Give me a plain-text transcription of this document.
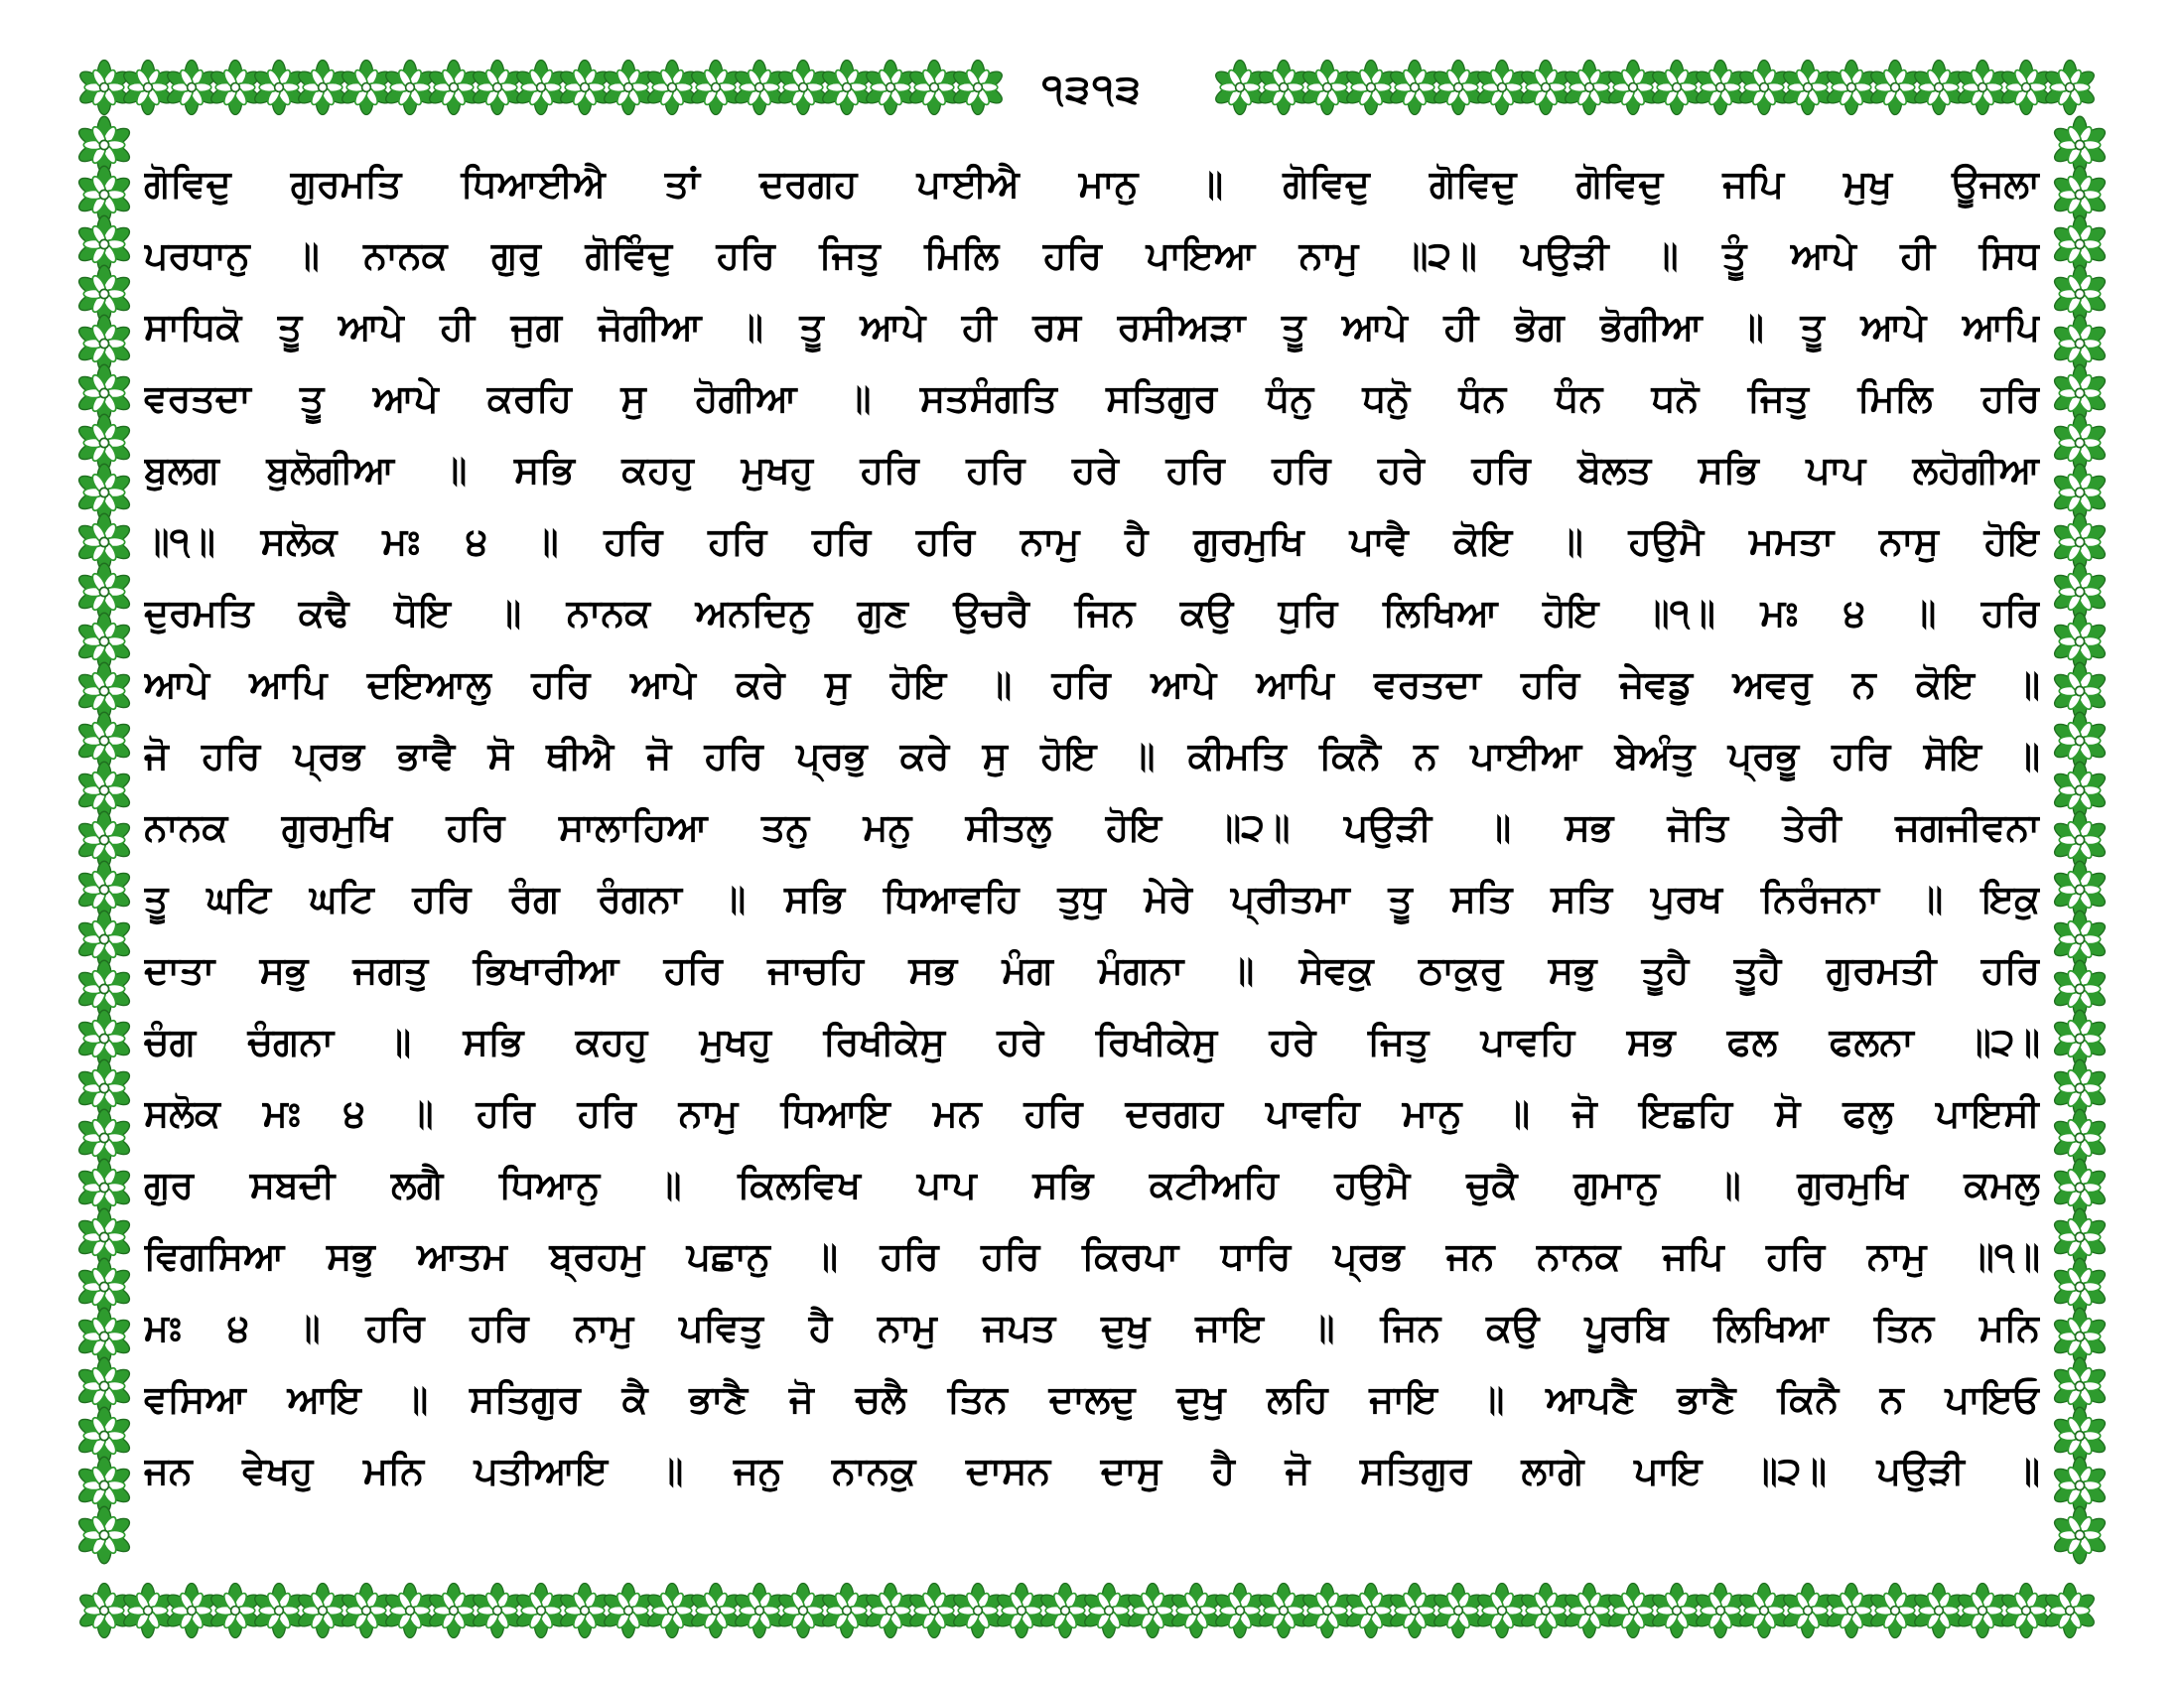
੧੩੧੩
ਗੋਵਿਦੁ ਗੁਰਮਤਿ ਧਿਆਈਐ ਤਾਂ ਦਰਗਹ ਪਾਈਐ ਮਾਨੁ ॥ ਗੋਵਿਦੁ ਗੋਵਿਦੁ ਗੋਵਿਦੁ ਜਪਿ ਮੁਖੁ ਊਜਲਾ
ਪਰਧਾਨੁ ॥ ਨਾਨਕ ਗੁਰੁ ਗੋਵਿੰਦੁ ਹਰਿ ਜਿਤੁ ਮਿਲਿ ਹਰਿ ਪਾਇਆ ਨਾਮੁ ॥੨॥ ਪਉੜੀ ॥ ਤੂੰ ਆਪੇ ਹੀ ਸਿਧ
ਸਾਧਿਕੋ ਤੂ ਆਪੇ ਹੀ ਜੁਗ ਜੋਗੀਆ ॥ ਤੂ ਆਪੇ ਹੀ ਰਸ ਰਸੀਅੜਾ ਤੂ ਆਪੇ ਹੀ ਭੋਗ ਭੋਗੀਆ ॥ ਤੂ ਆਪੇ ਆਪਿ
ਵਰਤਦਾ ਤੂ ਆਪੇ ਕਰਹਿ ਸੁ ਹੋਗੀਆ ॥ ਸਤਸੰਗਤਿ ਸਤਿਗੁਰ ਧੰਨੁ ਧਨੋੁ ਧੰਨ ਧੰਨ ਧਨੋ ਜਿਤੁ ਮਿਲਿ ਹਰਿ
ਬੁਲਗ ਬੁਲੋਗੀਆ ॥ ਸਭਿ ਕਹਹੁ ਮੁਖਹੁ ਹਰਿ ਹਰਿ ਹਰੇ ਹਰਿ ਹਰਿ ਹਰੇ ਹਰਿ ਬੋਲਤ ਸਭਿ ਪਾਪ ਲਹੋਗੀਆ
॥੧॥ ਸਲੋਕ ਮਃ ੪ ॥ ਹਰਿ ਹਰਿ ਹਰਿ ਹਰਿ ਨਾਮੁ ਹੈ ਗੁਰਮੁਖਿ ਪਾਵੈ ਕੋਇ ॥ ਹਉਮੈ ਮਮਤਾ ਨਾਸੁ ਹੋਇ
ਦੁਰਮਤਿ ਕਢੈ ਧੋਇ ॥ ਨਾਨਕ ਅਨਦਿਨੁ ਗੁਣ ਉਚਰੈ ਜਿਨ ਕਉ ਧੁਰਿ ਲਿਖਿਆ ਹੋਇ ॥੧॥ ਮਃ ੪ ॥ ਹਰਿ
ਆਪੇ ਆਪਿ ਦਇਆਲੁ ਹਰਿ ਆਪੇ ਕਰੇ ਸੁ ਹੋਇ ॥ ਹਰਿ ਆਪੇ ਆਪਿ ਵਰਤਦਾ ਹਰਿ ਜੇਵਡੁ ਅਵਰੁ ਨ ਕੋਇ ॥
ਜੋ ਹਰਿ ਪ੍ਰਭ ਭਾਵੈ ਸੋ ਥੀਐ ਜੋ ਹਰਿ ਪ੍ਰਭੁ ਕਰੇ ਸੁ ਹੋਇ ॥ ਕੀਮਤਿ ਕਿਨੈ ਨ ਪਾਈਆ ਬੇਅੰਤੁ ਪ੍ਰਭੂ ਹਰਿ ਸੋਇ ॥
ਨਾਨਕ ਗੁਰਮੁਖਿ ਹਰਿ ਸਾਲਾਹਿਆ ਤਨੁ ਮਨੁ ਸੀਤਲੁ ਹੋਇ ॥੨॥ ਪਉੜੀ ॥ ਸਭ ਜੋਤਿ ਤੇਰੀ ਜਗਜੀਵਨਾ
ਤੂ ਘਟਿ ਘਟਿ ਹਰਿ ਰੰਗ ਰੰਗਨਾ ॥ ਸਭਿ ਧਿਆਵਹਿ ਤੁਧੁ ਮੇਰੇ ਪ੍ਰੀਤਮਾ ਤੂ ਸਤਿ ਸਤਿ ਪੁਰਖ ਨਿਰੰਜਨਾ ॥ ਇਕੁ
ਦਾਤਾ ਸਭੁ ਜਗਤੁ ਭਿਖਾਰੀਆ ਹਰਿ ਜਾਚਹਿ ਸਭ ਮੰਗ ਮੰਗਨਾ ॥ ਸੇਵਕੁ ਠਾਕੁਰੁ ਸਭੁ ਤੂਹੈ ਤੂਹੈ ਗੁਰਮਤੀ ਹਰਿ
ਚੰਗ ਚੰਗਨਾ ॥ ਸਭਿ ਕਹਹੁ ਮੁਖਹੁ ਰਿਖੀਕੇਸੁ ਹਰੇ ਰਿਖੀਕੇਸੁ ਹਰੇ ਜਿਤੁ ਪਾਵਹਿ ਸਭ ਫਲ ਫਲਨਾ ॥੨॥
ਸਲੋਕ ਮਃ ੪ ॥ ਹਰਿ ਹਰਿ ਨਾਮੁ ਧਿਆਇ ਮਨ ਹਰਿ ਦਰਗਹ ਪਾਵਹਿ ਮਾਨੁ ॥ ਜੋ ਇਛਹਿ ਸੋ ਫਲੁ ਪਾਇਸੀ
ਗੁਰ ਸਬਦੀ ਲਗੈ ਧਿਆਨੁ ॥ ਕਿਲਵਿਖ ਪਾਪ ਸਭਿ ਕਟੀਅਹਿ ਹਉਮੈ ਚੁਕੈ ਗੁਮਾਨੁ ॥ ਗੁਰਮੁਖਿ ਕਮਲੁ
ਵਿਗਸਿਆ ਸਭੁ ਆਤਮ ਬ੍ਰਹਮੁ ਪਛਾਨੁ ॥ ਹਰਿ ਹਰਿ ਕਿਰਪਾ ਧਾਰਿ ਪ੍ਰਭ ਜਨ ਨਾਨਕ ਜਪਿ ਹਰਿ ਨਾਮੁ ॥੧॥
ਮਃ ੪ ॥ ਹਰਿ ਹਰਿ ਨਾਮੁ ਪਵਿਤੁ ਹੈ ਨਾਮੁ ਜਪਤ ਦੁਖੁ ਜਾਇ ॥ ਜਿਨ ਕਉ ਪੂਰਬਿ ਲਿਖਿਆ ਤਿਨ ਮਨਿ
ਵਸਿਆ ਆਇ ॥ ਸਤਿਗੁਰ ਕੈ ਭਾਣੈ ਜੋ ਚਲੈ ਤਿਨ ਦਾਲਦੁ ਦੁਖੁ ਲਹਿ ਜਾਇ ॥ ਆਪਣੈ ਭਾਣੈ ਕਿਨੈ ਨ ਪਾਇਓ
ਜਨ ਵੇਖਹੁ ਮਨਿ ਪਤੀਆਇ ॥ ਜਨੁ ਨਾਨਕੁ ਦਾਸਨ ਦਾਸੁ ਹੈ ਜੋ ਸਤਿਗੁਰ ਲਾਗੇ ਪਾਇ ॥੨॥ ਪਉੜੀ ॥
